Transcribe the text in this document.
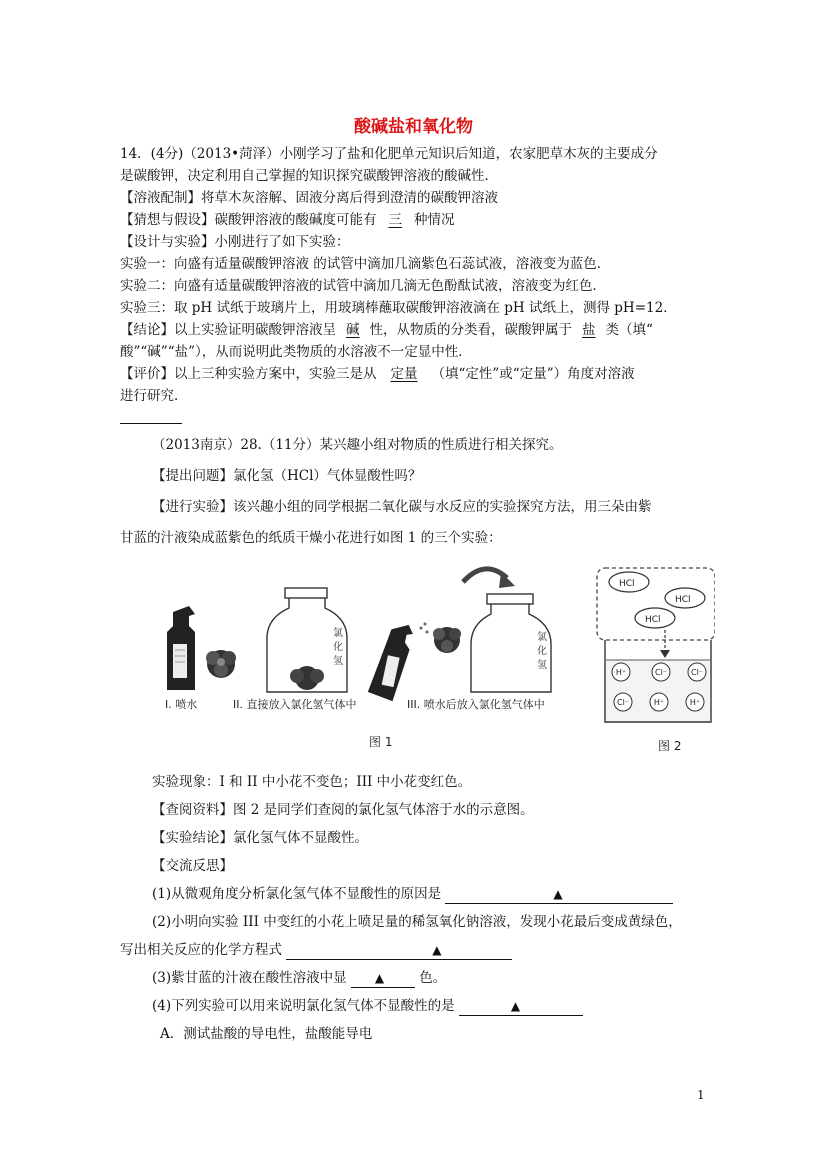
酸碱盐和氧化物
14．(4分)（2013•菏泽）小刚学习了盐和化肥单元知识后知道，农家肥草木灰的主要成分
是碳酸钾，决定利用自己掌握的知识探究碳酸钾溶液的酸碱性．
【溶液配制】将草木灰溶解、固液分离后得到澄清的碳酸钾溶液
【猜想与假设】碳酸钾溶液的酸碱度可能有 三 种情况
【设计与实验】小刚进行了如下实验：
实验一：向盛有适量碳酸钾溶液 的试管中滴加几滴紫色石蕊试液，溶液变为蓝色．
实验二：向盛有适量碳酸钾溶液的试管中滴加几滴无色酚酞试液，溶液变为红色．
实验三：取 pH 试纸于玻璃片上，用玻璃棒蘸取碳酸钾溶液滴在 pH 试纸上，测得 pH=12．
【结论】以上实验证明碳酸钾溶液呈 碱 性，从物质的分类看，碳酸钾属于 盐 类（填“
酸”“碱”“盐”），从而说明此类物质的水溶液不一定显中性．
【评价】以上三种实验方案中，实验三是从 定量 （填“定性”或“定量”）角度对溶液
进行研究．
（2013南京）28.（11分）某兴趣小组对物质的性质进行相关探究。
【提出问题】氯化氢（HCl）气体显酸性吗？
【进行实验】该兴趣小组的同学根据二氧化碳与水反应的实验探究方法，用三朵由紫
甘蓝的汁液染成蓝紫色的纸质干燥小花进行如图 1 的三个实验：
氯
化
氢
氯
化
氢
I. 喷水	II. 直接放入氯化氢气体中	III. 喷水后放入氯化氢气体中
图 1
HCl
HCl
HCl
H⁺	Cl⁻	Cl⁻
Cl⁻	H⁺	H⁺
图 2
实验现象：I 和 II 中小花不变色；III 中小花变红色。
【查阅资料】图 2 是同学们查阅的氯化氢气体溶于水的示意图。
【实验结论】氯化氢气体不显酸性。
【交流反思】
(1)从微观角度分析氯化氢气体不显酸性的原因是	▲
(2)小明向实验 III 中变红的小花上喷足量的稀氢氧化钠溶液，发现小花最后变成黄绿色，
写出相关反应的化学方程式	▲
(3)紫甘蓝的汁液在酸性溶液中显 ▲	色。
(4)下列实验可以用来说明氯化氢气体不显酸性的是	▲
A．测试盐酸的导电性，盐酸能导电
1
